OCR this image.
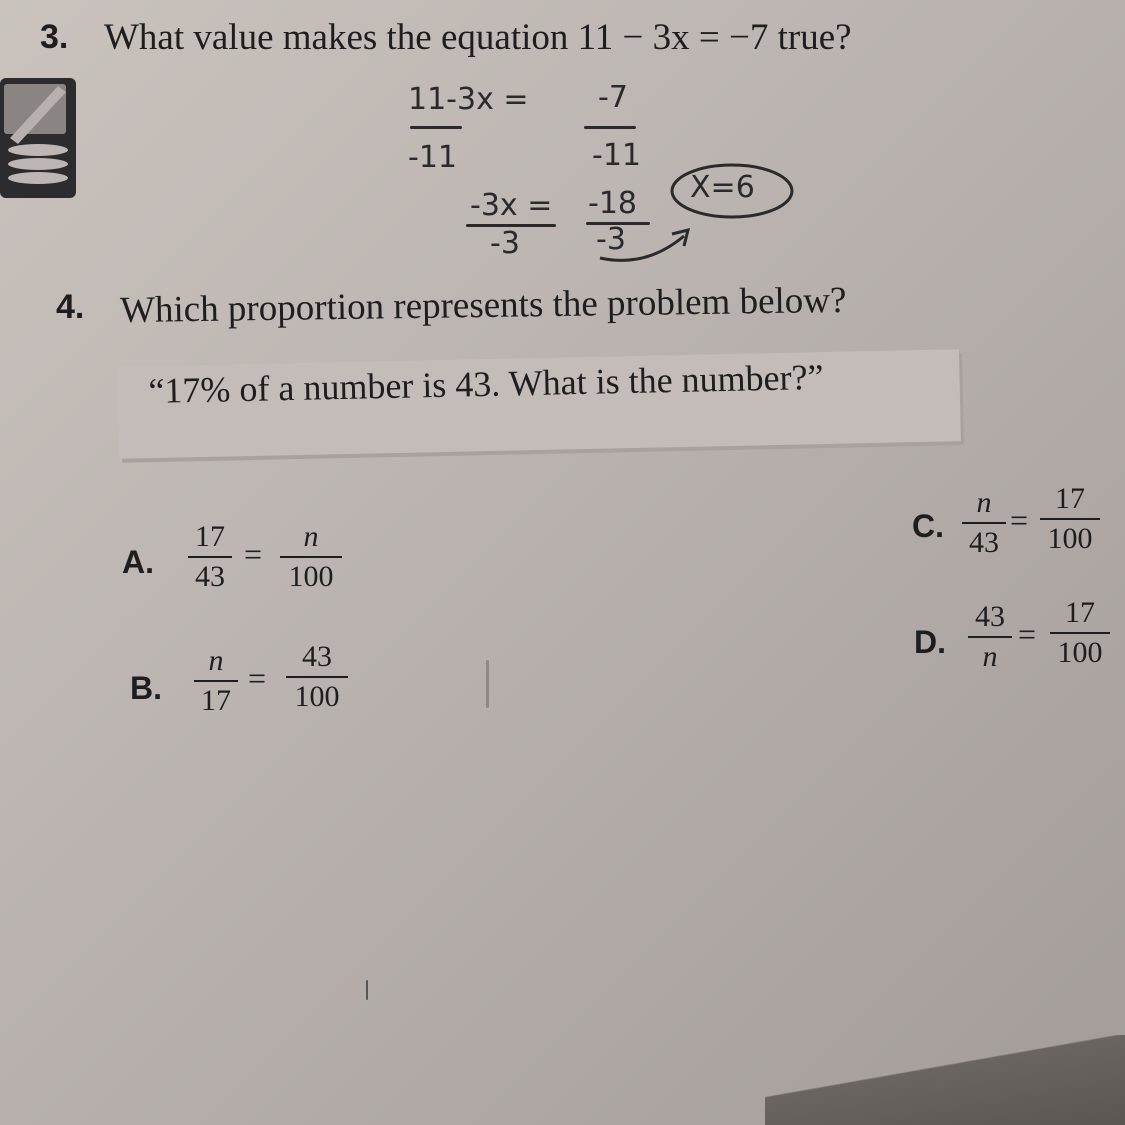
3. What value makes the equation 11 − 3x = −7 true?
11-3x = -7
-11	-11
-3x = -18
-3	-3
X=6
4. Which proportion represents the problem below?
“17% of a number is 43. What is the number?”
A.
17
43
= n
100
B.
n
17
=
43
100
C.
n
43
=
17
100
D.
43
n
=
17
100
